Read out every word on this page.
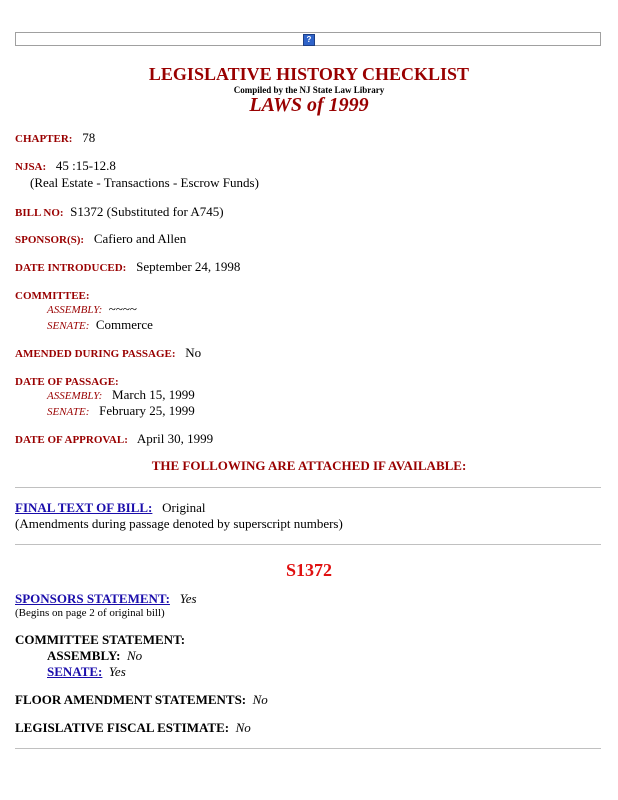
?
LEGISLATIVE HISTORY CHECKLIST
Compiled by the NJ State Law Library
LAWS of 1999
CHAPTER: 78
NJSA: 45 :15-12.8
(Real Estate - Transactions - Escrow Funds)
BILL NO: S1372 (Substituted for A745)
SPONSOR(S): Cafiero and Allen
DATE INTRODUCED: September 24, 1998
COMMITTEE:
ASSEMBLY: ~~~~
SENATE: Commerce
AMENDED DURING PASSAGE: No
DATE OF PASSAGE:
ASSEMBLY: March 15, 1999
SENATE: February 25, 1999
DATE OF APPROVAL: April 30, 1999
THE FOLLOWING ARE ATTACHED IF AVAILABLE:
FINAL TEXT OF BILL: Original
(Amendments during passage denoted by superscript numbers)
S1372
SPONSORS STATEMENT: Yes
(Begins on page 2 of original bill)
COMMITTEE STATEMENT:
ASSEMBLY: No
SENATE: Yes
FLOOR AMENDMENT STATEMENTS: No
LEGISLATIVE FISCAL ESTIMATE: No
